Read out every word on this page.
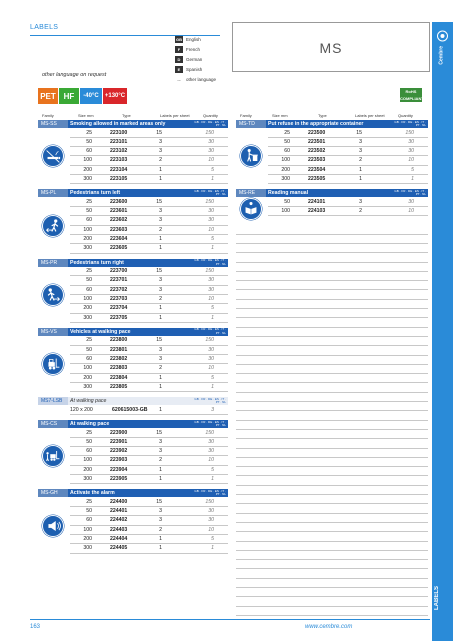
LABELS
GB English
F	French
D	German
E	Spanish
...	other language
other language on request
MS	Cembre
LABELS
PET HF	-40°C	+130°C
RoHS
COMPLIANT
Family	Size mm	Type	Labels per sheet	Quantity	Family	Size mm	Type	Labels per sheet	Quantity
MS-SS	Smoking allowed in marked areas only	GB · FR · DE · ES · IT · PT · NL
25	223100	15	150
50	223101	3	30
60	223102	3	30
100	223103	2	10
200	223104	1	5
300	223105	1	1
MS-PL	Pedestrians turn left	GB · FR · DE · ES · IT · PT · NL
25	223600	15	150
50	223601	3	30
60	223602	3	30
100	223603	2	10
200	223604	1	5
300	223605	1	1
MS-PR	Pedestrians turn right	GB · FR · DE · ES · IT · PT · NL
25	223700	15	150
50	223701	3	30
60	223702	3	30
100	223703	2	10
200	223704	1	5
300	223705	1	1
MS-VS	Vehicles at walking pace	GB · FR · DE · ES · IT · PT · NL
25	223800	15	150
50	223801	3	30
60	223802	3	30
100	223803	2	10
200	223804	1	5
300	223805	1	1
MS7-LSB	At walking pace	GB · FR · DE · ES · IT · PT · NL
120 x 200	620615003-GB	1	3
MS-CS	At walking pace	GB · FR · DE · ES · IT · PT · NL
25	223900	15	150
50	223901	3	30
60	223902	3	30
100	223903	2	10
200	223904	1	5
300	223905	1	1
MS-GH	Activate the alarm	GB · FR · DE · ES · IT · PT · NL
25	224400	15	150
50	224401	3	30
60	224402	3	30
100	224403	2	10
200	224404	1	5
300	224405	1	1
MS-TD	Put refuse in the appropriate container	GB · FR · DE · ES · IT · PT · NL
25	223500	15	150
50	223501	3	30
60	223502	3	30
100	223503	2	10
200	223504	1	5
300	223505	1	1
MS-RE	Reading manual	GB · FR · DE · ES · IT · PT · NL
50	224101	3	30
100	224103	2	10
163	www.cembre.com
